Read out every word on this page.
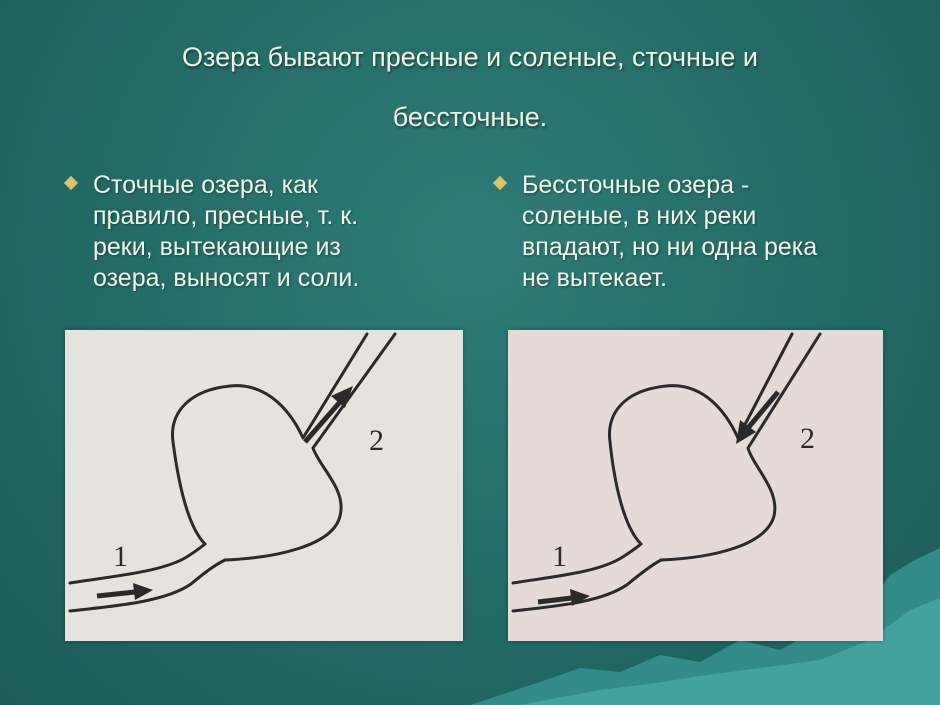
Озера бывают пресные и соленые, сточные и
бессточные.
Сточные озера, как
правило, пресные, т. к.
реки, вытекающие из
озера, выносят и соли.
Бессточные озера -
соленые, в них реки
впадают, но ни одна река
не вытекает.
1
2
1
2
